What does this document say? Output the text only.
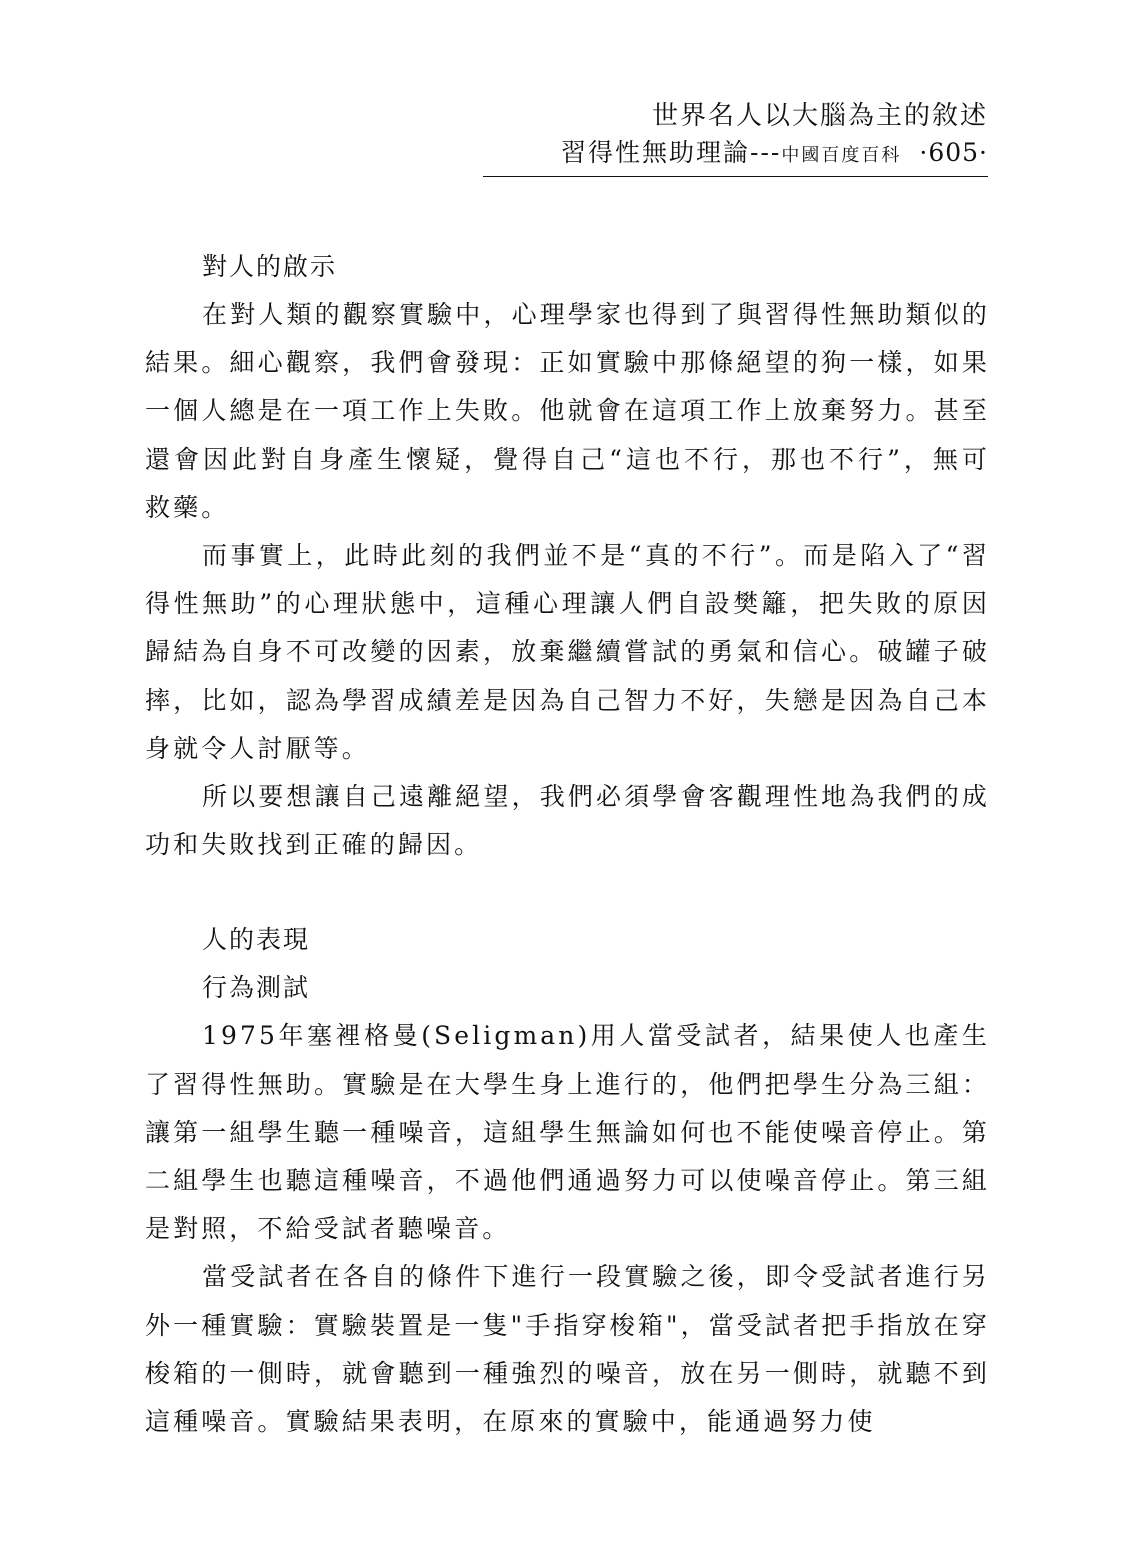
世界名人以大腦為主的敘述
習得性無助理論---中國百度百科 ·605·
對人的啟示

在對人類的觀察實驗中，心理學家也得到了與習得性無助類似的結果。細心觀察，我們會發現：正如實驗中那條絕望的狗一樣，如果一個人總是在一項工作上失敗。他就會在這項工作上放棄努力。甚至還會因此對自身產生懷疑，覺得自己“這也不行，那也不行”，無可救藥。

而事實上，此時此刻的我們並不是“真的不行”。而是陷入了“習得性無助”的心理狀態中，這種心理讓人們自設樊籬，把失敗的原因歸結為自身不可改變的因素，放棄繼續嘗試的勇氣和信心。破罐子破摔，比如，認為學習成績差是因為自己智力不好，失戀是因為自己本身就令人討厭等。

所以要想讓自己遠離絕望，我們必須學會客觀理性地為我們的成功和失敗找到正確的歸因。

人的表現
行為測試

1975年塞裡格曼(Seligman)用人當受試者，結果使人也產生了習得性無助。實驗是在大學生身上進行的，他們把學生分為三組：讓第一組學生聽一種噪音，這組學生無論如何也不能使噪音停止。第二組學生也聽這種噪音，不過他們通過努力可以使噪音停止。第三組是對照，不給受試者聽噪音。

當受試者在各自的條件下進行一段實驗之後，即令受試者進行另外一種實驗：實驗裝置是一隻"手指穿梭箱"，當受試者把手指放在穿梭箱的一側時，就會聽到一種強烈的噪音，放在另一側時，就聽不到這種噪音。實驗結果表明，在原來的實驗中，能通過努力使
